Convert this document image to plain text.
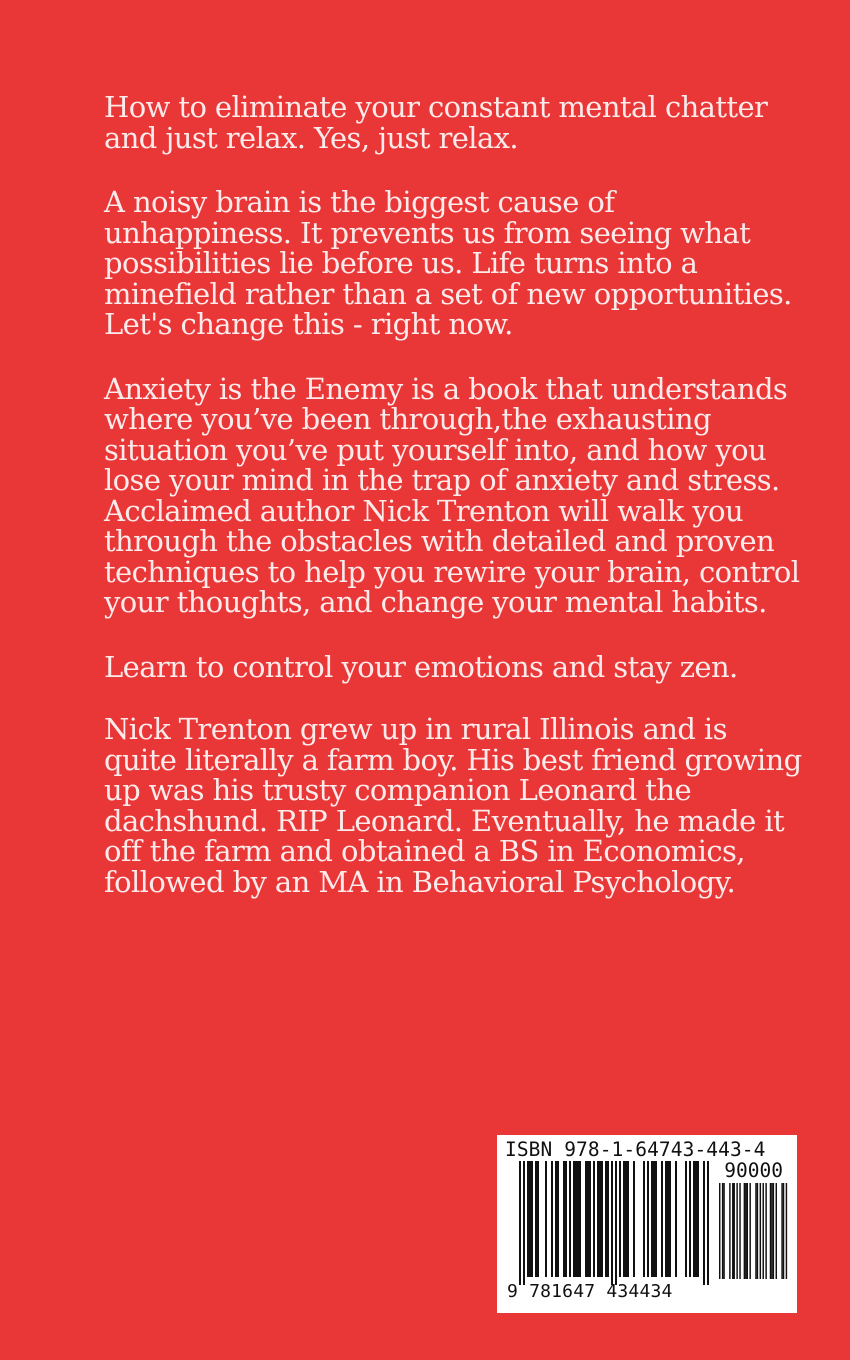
How to eliminate your constant mental chatter and just relax. Yes, just relax.

A noisy brain is the biggest cause of unhappiness. It prevents us from seeing what possibilities lie before us. Life turns into a minefield rather than a set of new opportunities. Let's change this - right now.

Anxiety is the Enemy is a book that understands where you’ve been through,the exhausting situation you’ve put yourself into, and how you lose your mind in the trap of anxiety and stress. Acclaimed author Nick Trenton will walk you through the obstacles with detailed and proven techniques to help you rewire your brain, control your thoughts, and change your mental habits.

Learn to control your emotions and stay zen.

Nick Trenton grew up in rural Illinois and is quite literally a farm boy. His best friend growing up was his trusty companion Leonard the dachshund. RIP Leonard. Eventually, he made it off the farm and obtained a BS in Economics, followed by an MA in Behavioral Psychology.

ISBN 978-1-64743-443-4
90000
9 781647 434434
